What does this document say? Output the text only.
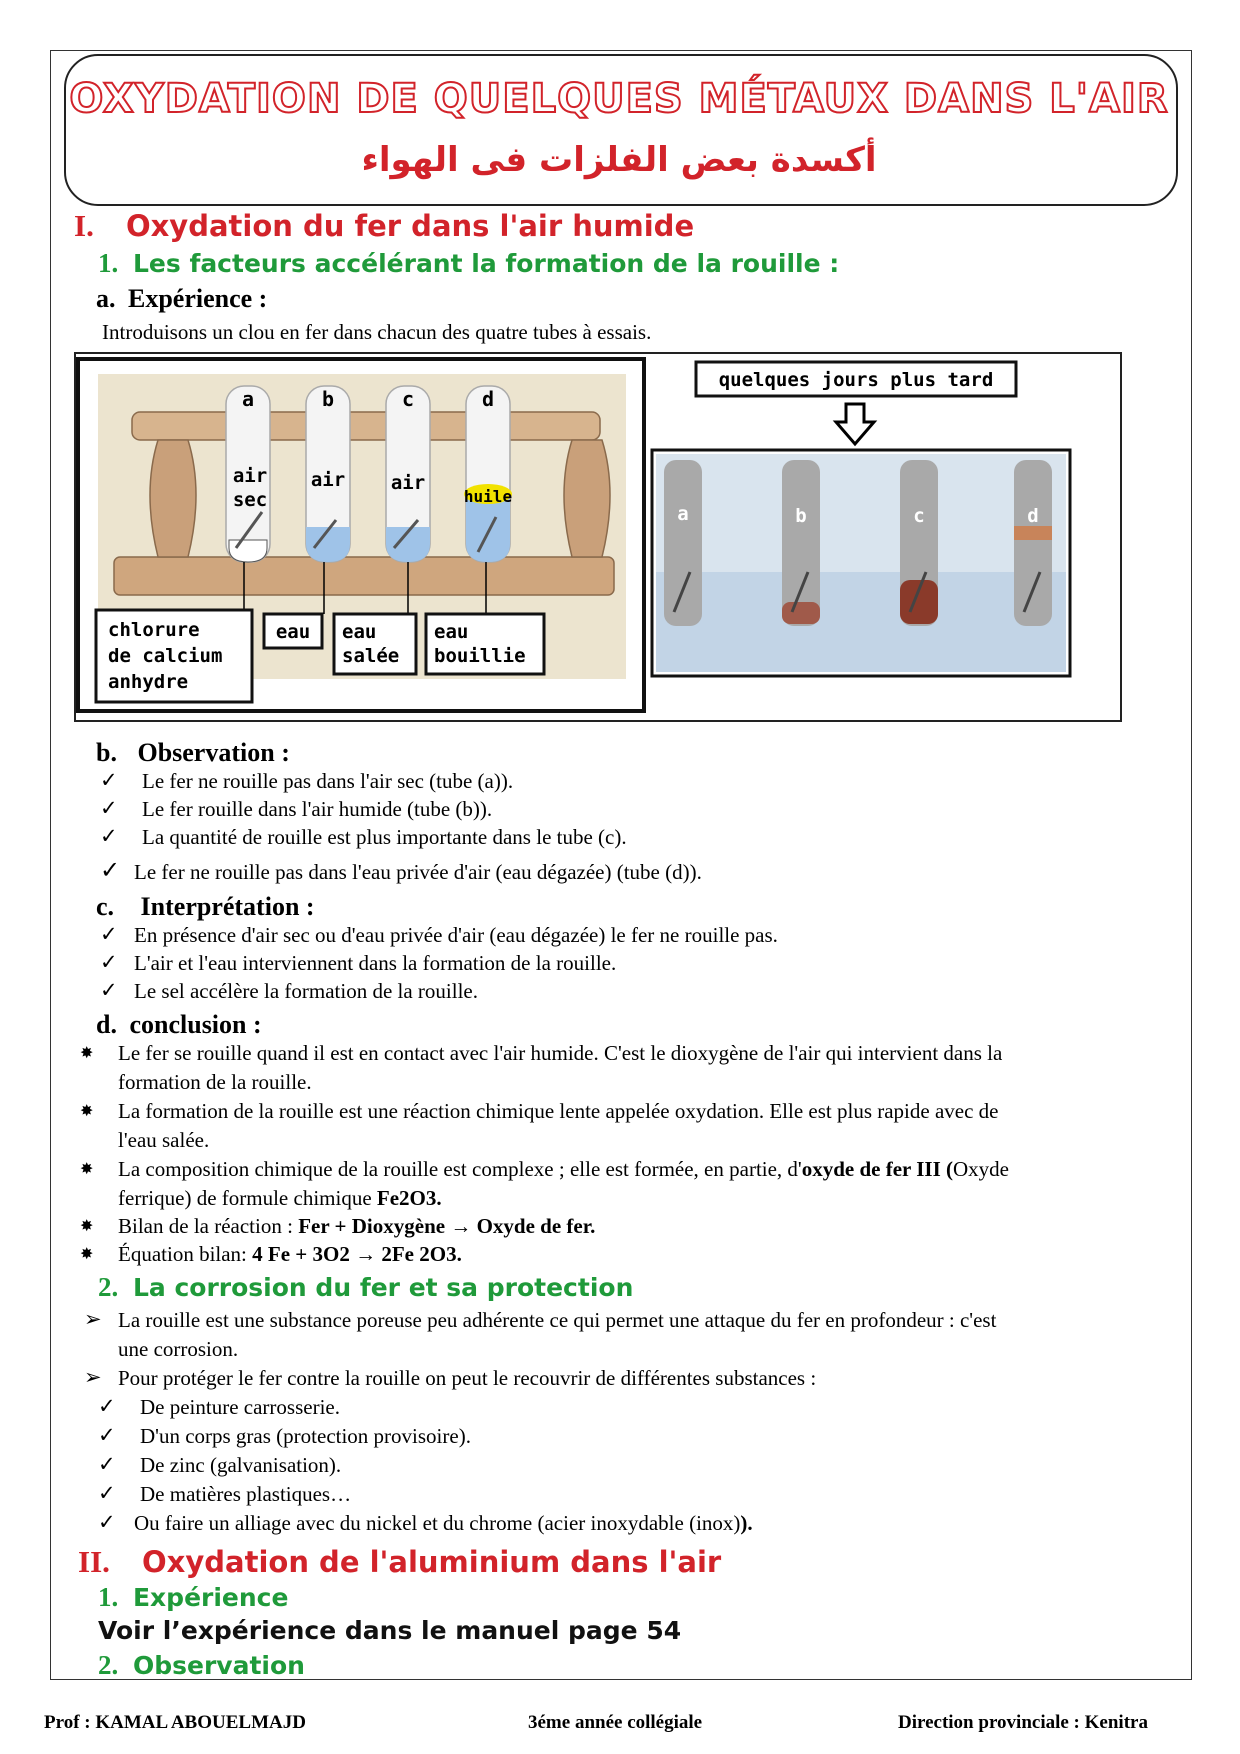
OXYDATION DE QUELQUES MÉTAUX DANS L'AIR
أكسدة بعض الفلزات فى الهواء
I. Oxydation du fer dans l'air humide
1. Les facteurs accélérant la formation de la rouille :
a. Expérience :
Introduisons un clou en fer dans chacun des quatre tubes à essais.
a	b	c	d
air
sec
air air
huile
chlorure
de calcium
anhydre
eau eau
salée
eau
bouillie
quelques jours plus tard
a	b	c	d
b. Observation :
✓ Le fer ne rouille pas dans l'air sec (tube (a)).
✓ Le fer rouille dans l'air humide (tube (b)).
✓ La quantité de rouille est plus importante dans le tube (c).
✓ Le fer ne rouille pas dans l'eau privée d'air (eau dégazée) (tube (d)).
c. Interprétation :
✓ En présence d'air sec ou d'eau privée d'air (eau dégazée) le fer ne rouille pas.
✓ L'air et l'eau interviennent dans la formation de la rouille.
✓ Le sel accélère la formation de la rouille.
d. conclusion :
✸ Le fer se rouille quand il est en contact avec l'air humide. C'est le dioxygène de l'air qui intervient dans la
formation de la rouille.
✸ La formation de la rouille est une réaction chimique lente appelée oxydation. Elle est plus rapide avec de
l'eau salée.
✸ La composition chimique de la rouille est complexe ; elle est formée, en partie, d'oxyde de fer III (Oxyde
ferrique) de formule chimique Fe2O3.
✸ Bilan de la réaction : Fer + Dioxygène → Oxyde de fer.
✸ Équation bilan: 4 Fe + 3O2 → 2Fe 2O3.
2. La corrosion du fer et sa protection
➢ La rouille est une substance poreuse peu adhérente ce qui permet une attaque du fer en profondeur : c'est
une corrosion.
➢ Pour protéger le fer contre la rouille on peut le recouvrir de différentes substances :
✓ De peinture carrosserie.
✓ D'un corps gras (protection provisoire).
✓ De zinc (galvanisation).
✓ De matières plastiques…
✓ Ou faire un alliage avec du nickel et du chrome (acier inoxydable (inox)).
II. Oxydation de l'aluminium dans l'air
1. Expérience
Voir l’expérience dans le manuel page 54
2. Observation
Prof : KAMAL ABOUELMAJD	3éme année collégiale	Direction provinciale : Kenitra
